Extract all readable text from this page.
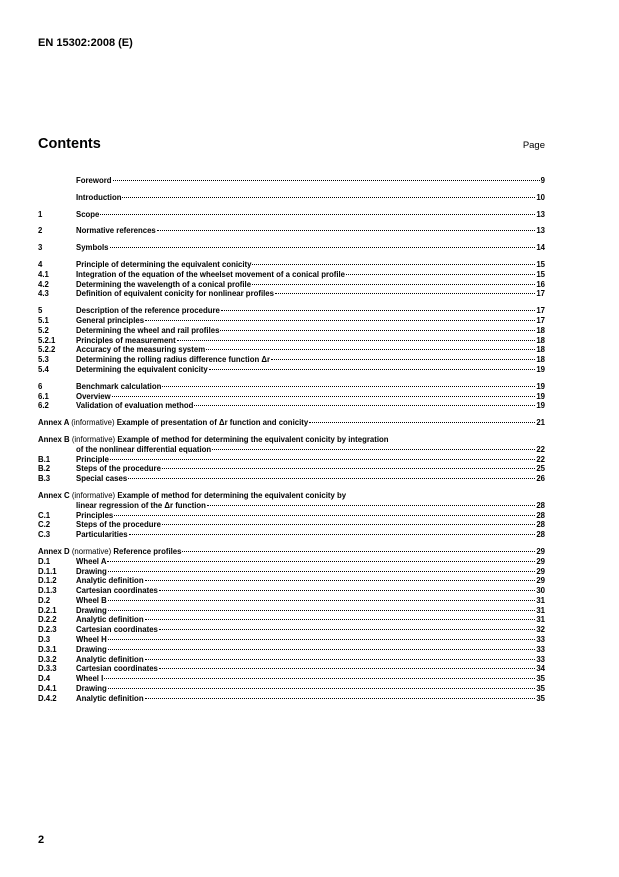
EN 15302:2008 (E)
Contents	Page
Foreword	9
Introduction	10
1	Scope	13
2	Normative references	13
3	Symbols	14
4	Principle of determining the equivalent conicity	15
4.1	Integration of the equation of the wheelset movement of a conical profile	15
4.2	Determining the wavelength of a conical profile	16
4.3	Definition of equivalent conicity for nonlinear profiles	17
5	Description of the reference procedure	17
5.1	General principles	17
5.2	Determining the wheel and rail profiles	18
5.2.1	Principles of measurement	18
5.2.2	Accuracy of the measuring system	18
5.3	Determining the rolling radius difference function Δr	18
5.4	Determining the equivalent conicity	19
6	Benchmark calculation	19
6.1	Overview	19
6.2	Validation of evaluation method	19
Annex A (informative) Example of presentation of Δr function and conicity	21
Annex B (informative) Example of method for determining the equivalent conicity by integration
of the nonlinear differential equation	22
B.1	Principle	22
B.2	Steps of the procedure	25
B.3	Special cases	26
Annex C (informative) Example of method for determining the equivalent conicity by
linear regression of the Δr function	28
C.1	Principles	28
C.2	Steps of the procedure	28
C.3	Particularities	28
Annex D (normative) Reference profiles	29
D.1	Wheel A	29
D.1.1	Drawing	29
D.1.2	Analytic definition	29
D.1.3	Cartesian coordinates	30
D.2	Wheel B	31
D.2.1	Drawing	31
D.2.2	Analytic definition	31
D.2.3	Cartesian coordinates	32
D.3	Wheel H	33
D.3.1	Drawing	33
D.3.2	Analytic definition	33
D.3.3	Cartesian coordinates	34
D.4	Wheel I	35
D.4.1	Drawing	35
D.4.2	Analytic definition	35
2
